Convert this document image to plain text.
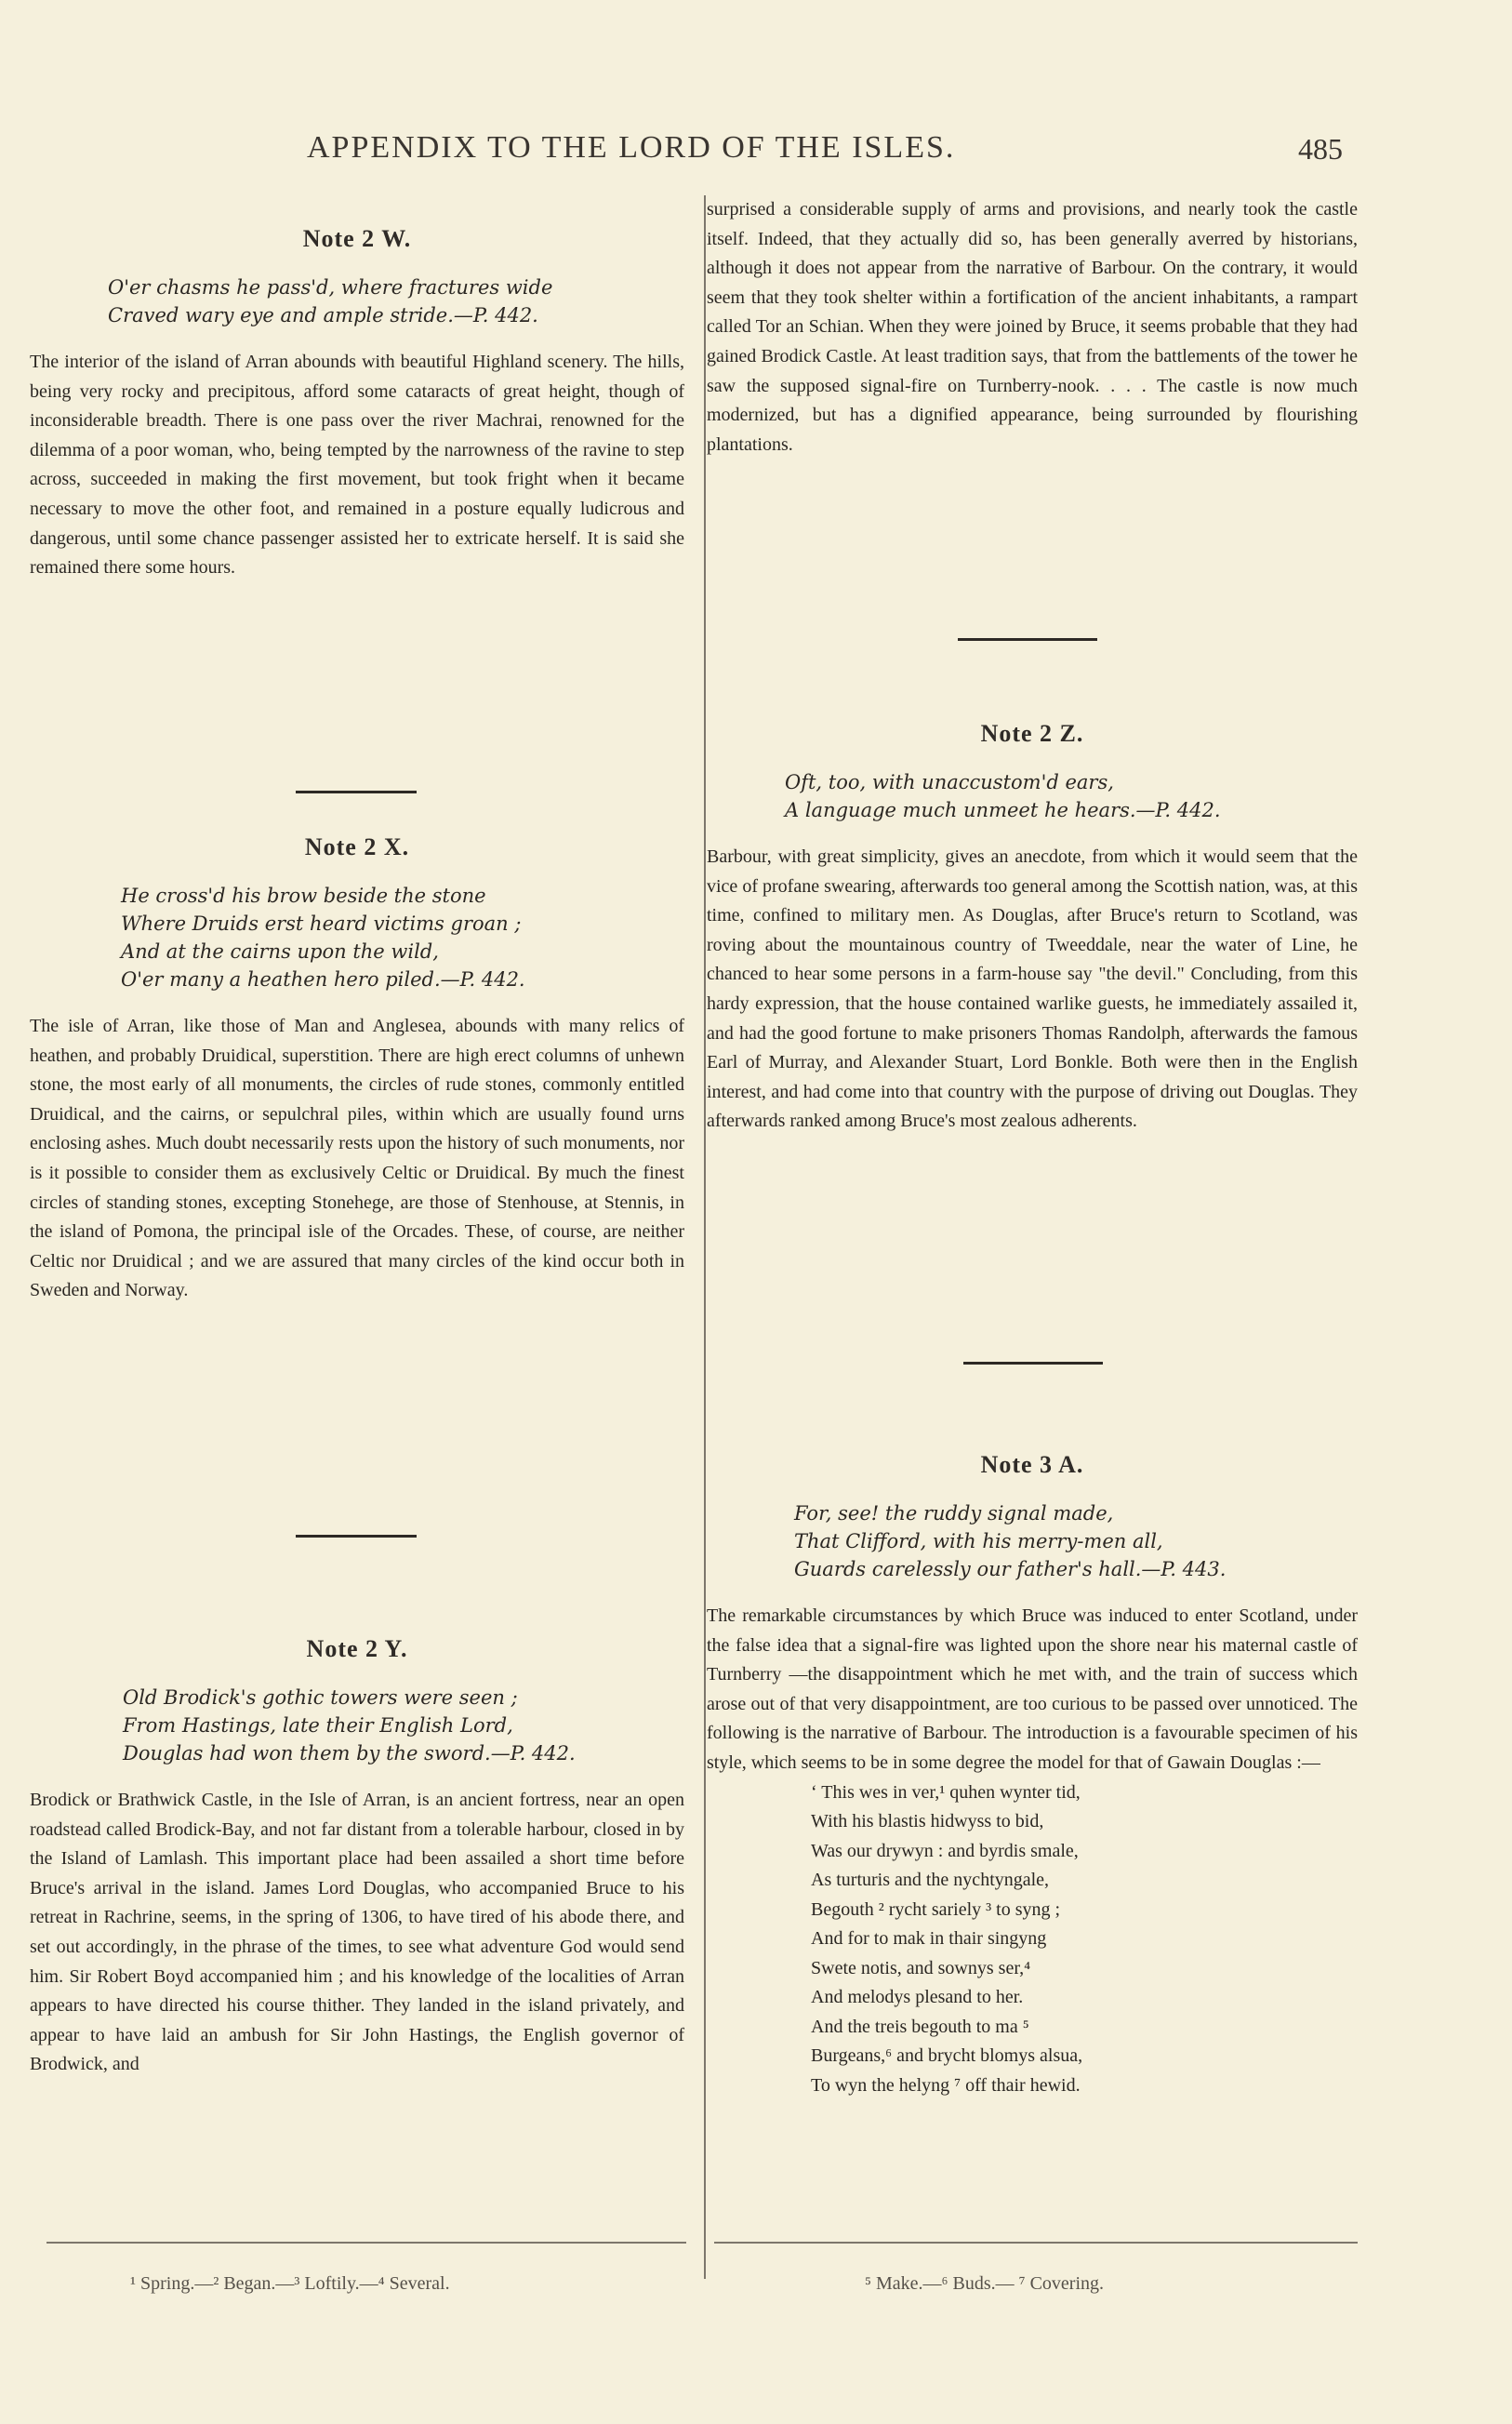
APPENDIX TO THE LORD OF THE ISLES.	485
Note 2 W.
O'er chasms he pass'd, where fractures wide
Craved wary eye and ample stride.—P. 442.

The interior of the island of Arran abounds with beautiful Highland scenery. The hills, being very rocky and precipitous, afford some cataracts of great height, though of inconsiderable breadth. There is one pass over the river Machrai, renowned for the dilemma of a poor woman, who, being tempted by the narrowness of the ravine to step across, succeeded in making the first movement, but took fright when it became necessary to move the other foot, and remained in a posture equally ludicrous and dangerous, until some chance passenger assisted her to extricate herself. It is said she remained there some hours.

Note 2 X.
He cross'd his brow beside the stone
Where Druids erst heard victims groan ;
And at the cairns upon the wild,
O'er many a heathen hero piled.—P. 442.

The isle of Arran, like those of Man and Anglesea, abounds with many relics of heathen, and probably Druidical, superstition. There are high erect columns of unhewn stone, the most early of all monuments, the circles of rude stones, commonly entitled Druidical, and the cairns, or sepulchral piles, within which are usually found urns enclosing ashes. Much doubt necessarily rests upon the history of such monuments, nor is it possible to consider them as exclusively Celtic or Druidical. By much the finest circles of standing stones, excepting Stonehege, are those of Stenhouse, at Stennis, in the island of Pomona, the principal isle of the Orcades. These, of course, are neither Celtic nor Druidical ; and we are assured that many circles of the kind occur both in Sweden and Norway.

Note 2 Y.
Old Brodick's gothic towers were seen ;
From Hastings, late their English Lord,
Douglas had won them by the sword.—P. 442.

Brodick or Brathwick Castle, in the Isle of Arran, is an ancient fortress, near an open roadstead called Brodick-Bay, and not far distant from a tolerable harbour, closed in by the Island of Lamlash. This important place had been assailed a short time before Bruce's arrival in the island. James Lord Douglas, who accompanied Bruce to his retreat in Rachrine, seems, in the spring of 1306, to have tired of his abode there, and set out accordingly, in the phrase of the times, to see what adventure God would send him. Sir Robert Boyd accompanied him ; and his knowledge of the localities of Arran appears to have directed his course thither. They landed in the island privately, and appear to have laid an ambush for Sir John Hastings, the English governor of Brodwick, and

surprised a considerable supply of arms and provisions, and nearly took the castle itself. Indeed, that they actually did so, has been generally averred by historians, although it does not appear from the narrative of Barbour. On the contrary, it would seem that they took shelter within a fortification of the ancient inhabitants, a rampart called Tor an Schian. When they were joined by Bruce, it seems probable that they had gained Brodick Castle. At least tradition says, that from the battlements of the tower he saw the supposed signal-fire on Turnberry-nook. . . . The castle is now much modernized, but has a dignified appearance, being surrounded by flourishing plantations.

Note 2 Z.
Oft, too, with unaccustom'd ears,
A language much unmeet he hears.—P. 442.

Barbour, with great simplicity, gives an anecdote, from which it would seem that the vice of profane swearing, afterwards too general among the Scottish nation, was, at this time, confined to military men. As Douglas, after Bruce's return to Scotland, was roving about the mountainous country of Tweeddale, near the water of Line, he chanced to hear some persons in a farm-house say "the devil." Concluding, from this hardy expression, that the house contained warlike guests, he immediately assailed it, and had the good fortune to make prisoners Thomas Randolph, afterwards the famous Earl of Murray, and Alexander Stuart, Lord Bonkle. Both were then in the English interest, and had come into that country with the purpose of driving out Douglas. They afterwards ranked among Bruce's most zealous adherents.

Note 3 A.
For, see! the ruddy signal made,
That Clifford, with his merry-men all,
Guards carelessly our father's hall.—P. 443.

The remarkable circumstances by which Bruce was induced to enter Scotland, under the false idea that a signal-fire was lighted upon the shore near his maternal castle of Turnberry —the disappointment which he met with, and the train of success which arose out of that very disappointment, are too curious to be passed over unnoticed. The following is the narrative of Barbour. The introduction is a favourable specimen of his style, which seems to be in some degree the model for that of Gawain Douglas :—

‘ This wes in ver,¹ quhen wynter tid,
With his blastis hidwyss to bid,
Was our drywyn : and byrdis smale,
As turturis and the nychtyngale,
Begouth ² rycht sariely ³ to syng ;
And for to mak in thair singyng
Swete notis, and sownys ser,⁴
And melodys plesand to her.
And the treis begouth to ma ⁵
Burgeans,⁶ and brycht blomys alsua,
To wyn the helyng ⁷ off thair hewid.
¹ Spring.—² Began.—³ Loftily.—⁴ Several.	⁵ Make.—⁶ Buds.— ⁷ Covering.
